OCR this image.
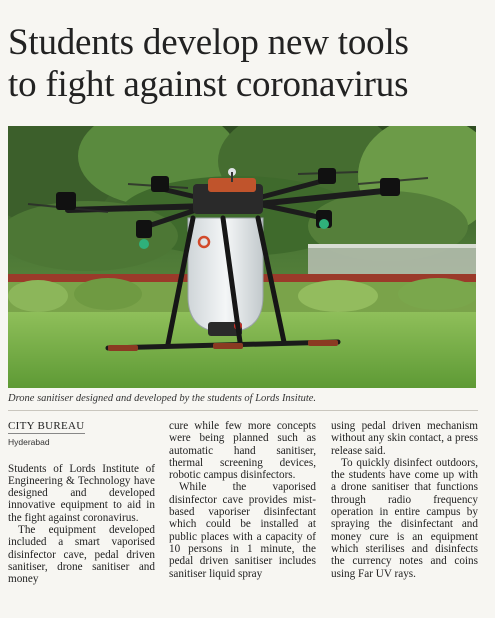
Students develop new tools
to fight against coronavirus
Drone sanitiser designed and developed by the students of Lords Insitute.
CITY BUREAU
Hyderabad

Students of Lords Institute of Engineering & Technology have designed and developed innovative equipment to aid in the fight against coronavirus.

The equipment developed included a smart vaporised disinfector cave, pedal driven sanitiser, drone sanitiser and money

cure while few more concepts were being planned such as automatic hand sanitiser, thermal screening devices, robotic campus disinfectors.

While the vaporised disinfector cave provides mist-based vaporiser disinfectant which could be installed at public places with a capacity of 10 persons in 1 minute, the pedal driven sanitiser includes sanitiser liquid spray

using pedal driven mechanism without any skin contact, a press release said.

To quickly disinfect outdoors, the students have come up with a drone sanitiser that functions through radio frequency operation in entire campus by spraying the disinfectant and money cure is an equipment which sterilises and disinfects the currency notes and coins using Far UV rays.
